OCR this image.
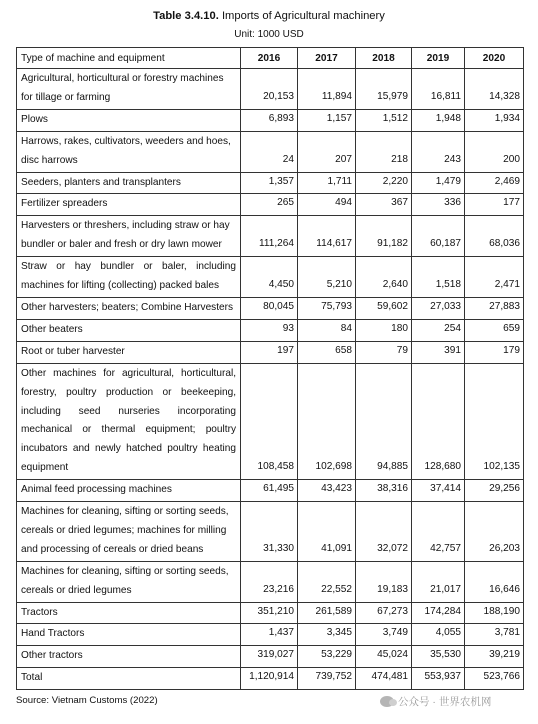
Table 3.4.10. Imports of Agricultural machinery
Unit: 1000 USD
Type of machine and equipment	2016	2017	2018	2019	2020
Agricultural, horticultural or forestry machines for tillage or farming	20,153	11,894	15,979	16,811	14,328
Plows	6,893	1,157	1,512	1,948	1,934
Harrows, rakes, cultivators, weeders and hoes, disc harrows	24	207	218	243	200
Seeders, planters and transplanters	1,357	1,711	2,220	1,479	2,469
Fertilizer spreaders	265	494	367	336	177
Harvesters or threshers, including straw or hay bundler or baler and fresh or dry lawn mower	111,264	114,617	91,182	60,187	68,036
Straw or hay bundler or baler, including machines for lifting (collecting) packed bales	4,450	5,210	2,640	1,518	2,471
Other harvesters; beaters; Combine Harvesters	80,045	75,793	59,602	27,033	27,883
Other beaters	93	84	180	254	659
Root or tuber harvester	197	658	79	391	179
Other machines for agricultural, horticultural, forestry, poultry production or beekeeping, including seed nurseries incorporating mechanical or thermal equipment; poultry incubators and newly hatched poultry heating equipment	108,458	102,698	94,885	128,680	102,135
Animal feed processing machines	61,495	43,423	38,316	37,414	29,256
Machines for cleaning, sifting or sorting seeds, cereals or dried legumes; machines for milling and processing of cereals or dried beans	31,330	41,091	32,072	42,757	26,203
Machines for cleaning, sifting or sorting seeds, cereals or dried legumes	23,216	22,552	19,183	21,017	16,646
Tractors	351,210	261,589	67,273	174,284	188,190
Hand Tractors	1,437	3,345	3,749	4,055	3,781
Other tractors	319,027	53,229	45,024	35,530	39,219
Total	1,120,914	739,752	474,481	553,937	523,766
Source: Vietnam Customs (2022)	公众号 · 世界农机网
